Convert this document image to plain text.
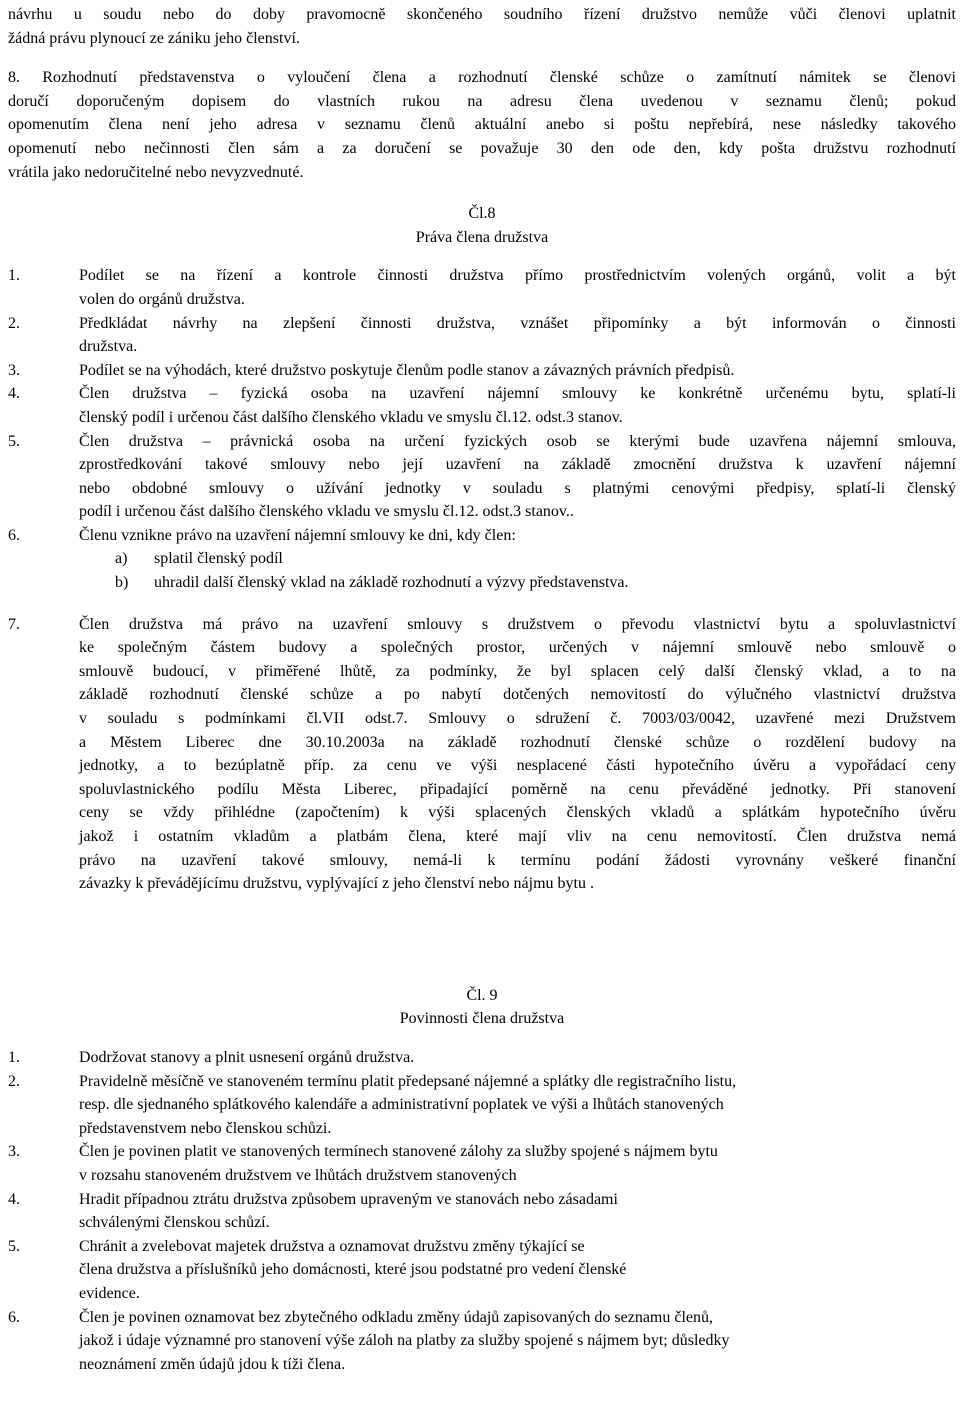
návrhu u soudu nebo do doby pravomocně skončeného soudního řízení družstvo nemůže vůči členovi uplatnit
žádná právu plynoucí ze zániku jeho členství.
8. Rozhodnutí představenstva o vyloučení člena a rozhodnutí členské schůze o zamítnutí námitek se členovi
doručí doporučeným dopisem do vlastních rukou na adresu člena uvedenou v seznamu členů; pokud
opomenutím člena není jeho adresa v seznamu členů aktuální anebo si poštu nepřebírá, nese následky takového
opomenutí nebo nečinnosti člen sám a za doručení se považuje 30 den ode den, kdy pošta družstvu rozhodnutí
vrátila jako nedoručitelné nebo nevyzvednuté.
Čl.8
Práva člena družstva
1.	Podílet se na řízení a kontrole činnosti družstva přímo prostřednictvím volených orgánů, volit a být
volen do orgánů družstva.
2.	Předkládat návrhy na zlepšení činnosti družstva, vznášet připomínky a být informován o činnosti
družstva.
3.	Podílet se na výhodách, které družstvo poskytuje členům podle stanov a závazných právních předpisů.
4.	Člen družstva – fyzická osoba na uzavření nájemní smlouvy ke konkrétně určenému bytu, splatí-li
členský podíl i určenou část dalšího členského vkladu ve smyslu čl.12. odst.3 stanov.
5.	Člen družstva – právnická osoba na určení fyzických osob se kterými bude uzavřena nájemní smlouva,
zprostředkování takové smlouvy nebo její uzavření na základě zmocnění družstva k uzavření nájemní
nebo obdobné smlouvy o užívání jednotky v souladu s platnými cenovými předpisy, splatí-li členský
podíl i určenou část dalšího členského vkladu ve smyslu čl.12. odst.3 stanov..
6.	Členu vznikne právo na uzavření nájemní smlouvy ke dni, kdy člen:
a) splatil členský podíl
b) uhradil další členský vklad na základě rozhodnutí a výzvy představenstva.
7.	Člen družstva má právo na uzavření smlouvy s družstvem o převodu vlastnictví bytu a spoluvlastnictví
ke společným částem budovy a společných prostor, určených v nájemní smlouvě nebo smlouvě o
smlouvě budoucí, v přiměřené lhůtě, za podmínky, že byl splacen celý další členský vklad, a to na
základě rozhodnutí členské schůze a po nabytí dotčených nemovitostí do výlučného vlastnictví družstva
v souladu s podmínkami čl.VII odst.7. Smlouvy o sdružení č. 7003/03/0042, uzavřené mezi Družstvem
a Městem Liberec dne 30.10.2003a na základě rozhodnutí členské schůze o rozdělení budovy na
jednotky, a to bezúplatně příp. za cenu ve výši nesplacené části hypotečního úvěru a vypořádací ceny
spoluvlastnického podílu Města Liberec, připadající poměrně na cenu převáděné jednotky. Při stanovení
ceny se vždy přihlédne (započtením) k výši splacených členských vkladů a splátkám hypotečního úvěru
jakož i ostatním vkladům a platbám člena, které mají vliv na cenu nemovitostí. Člen družstva nemá
právo na uzavření takové smlouvy, nemá-li k termínu podání žádosti vyrovnány veškeré finanční
závazky k převádějícímu družstvu, vyplývající z jeho členství nebo nájmu bytu .
Čl. 9
Povinnosti člena družstva
1.	Dodržovat stanovy a plnit usnesení orgánů družstva.
2.	Pravidelně měsíčně ve stanoveném termínu platit předepsané nájemné a splátky dle registračního listu,
resp. dle sjednaného splátkového kalendáře a administrativní poplatek ve výši a lhůtách stanovených
představenstvem nebo členskou schůzi.
3.	Člen je povinen platit ve stanovených termínech stanovené zálohy za služby spojené s nájmem bytu
v rozsahu stanoveném družstvem ve lhůtách družstvem stanovených
4.	Hradit případnou ztrátu družstva způsobem upraveným ve stanovách nebo zásadami
schválenými členskou schůzí.
5.	Chránit a zvelebovat majetek družstva a oznamovat družstvu změny týkající se
člena družstva a příslušníků jeho domácnosti, které jsou podstatné pro vedení členské
evidence.
6.	Člen je povinen oznamovat bez zbytečného odkladu změny údajů zapisovaných do seznamu členů,
jakož i údaje významné pro stanovení výše záloh na platby za služby spojené s nájmem byt; důsledky
neoznámení změn údajů jdou k tíži člena.
